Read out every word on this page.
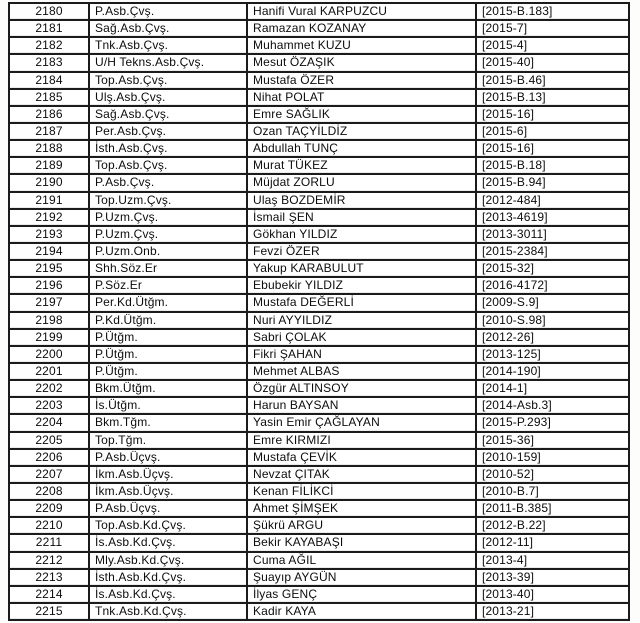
2180	P.Asb.Çvş.	Hanifi Vural KARPUZCU	[2015-B.183]
2181	Sağ.Asb.Çvş.	Ramazan KOZANAY	[2015-7]
2182	Tnk.Asb.Çvş.	Muhammet KUZU	[2015-4]
2183	U/H Tekns.Asb.Çvş.	Mesut ÖZAŞIK	[2015-40]
2184	Top.Asb.Çvş.	Mustafa ÖZER	[2015-B.46]
2185	Ulş.Asb.Çvş.	Nihat POLAT	[2015-B.13]
2186	Sağ.Asb.Çvş.	Emre SAĞLIK	[2015-16]
2187	Per.Asb.Çvş.	Ozan TAÇYİLDİZ	[2015-6]
2188	İsth.Asb.Çvş.	Abdullah TUNÇ	[2015-16]
2189	Top.Asb.Çvş.	Murat TÜKEZ	[2015-B.18]
2190	P.Asb.Çvş.	Müjdat ZORLU	[2015-B.94]
2191	Top.Uzm.Çvş.	Ulaş BOZDEMİR	[2012-484]
2192	P.Uzm.Çvş.	İsmail ŞEN	[2013-4619]
2193	P.Uzm.Çvş.	Gökhan YILDIZ	[2013-3011]
2194	P.Uzm.Onb.	Fevzi ÖZER	[2015-2384]
2195	Shh.Söz.Er	Yakup KARABULUT	[2015-32]
2196	P.Söz.Er	Ebubekir YILDIZ	[2016-4172]
2197	Per.Kd.Ütğm.	Mustafa DEĞERLİ	[2009-S.9]
2198	P.Kd.Ütğm.	Nuri AYYILDIZ	[2010-S.98]
2199	P.Ütğm.	Sabri ÇOLAK	[2012-26]
2200	P.Ütğm.	Fikri ŞAHAN	[2013-125]
2201	P.Ütğm.	Mehmet ALBAS	[2014-190]
2202	Bkm.Ütğm.	Özgür ALTINSOY	[2014-1]
2203	İs.Ütğm.	Harun BAYSAN	[2014-Asb.3]
2204	Bkm.Tğm.	Yasin Emir ÇAĞLAYAN	[2015-P.293]
2205	Top.Tğm.	Emre KIRMIZI	[2015-36]
2206	P.Asb.Üçvş.	Mustafa ÇEVİK	[2010-159]
2207	İkm.Asb.Üçvş.	Nevzat ÇITAK	[2010-52]
2208	İkm.Asb.Üçvş.	Kenan FİLİKCİ	[2010-B.7]
2209	P.Asb.Üçvş.	Ahmet ŞİMŞEK	[2011-B.385]
2210	Top.Asb.Kd.Çvş.	Şükrü ARGU	[2012-B.22]
2211	İs.Asb.Kd.Çvş.	Bekir KAYABAŞI	[2012-11]
2212	Mly.Asb.Kd.Çvş.	Cuma AĞIL	[2013-4]
2213	İsth.Asb.Kd.Çvş.	Şuayıp AYGÜN	[2013-39]
2214	İs.Asb.Kd.Çvş.	İlyas GENÇ	[2013-40]
2215	Tnk.Asb.Kd.Çvş.	Kadir KAYA	[2013-21]
